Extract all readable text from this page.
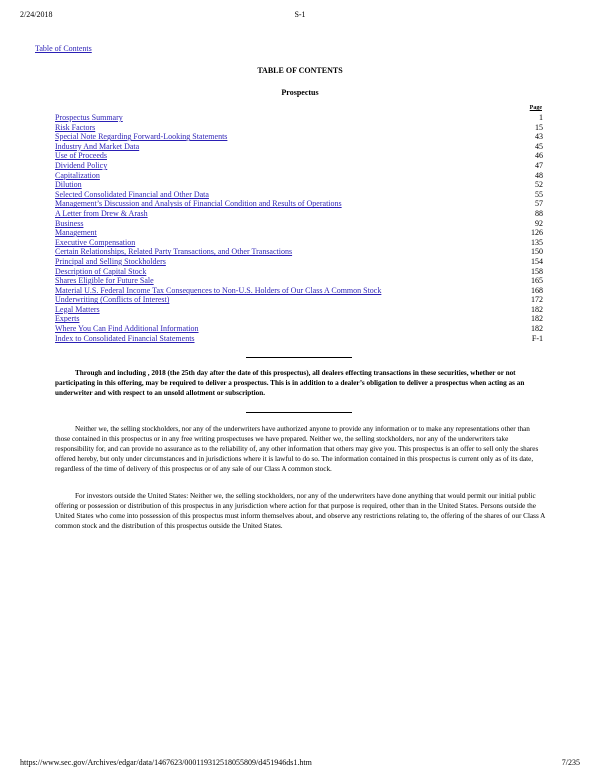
2/24/2018	S-1
Table of Contents
TABLE OF CONTENTS
Prospectus
Page
Prospectus Summary	1
Risk Factors	15
Special Note Regarding Forward-Looking Statements	43
Industry And Market Data	45
Use of Proceeds	46
Dividend Policy	47
Capitalization	48
Dilution	52
Selected Consolidated Financial and Other Data	55
Management’s Discussion and Analysis of Financial Condition and Results of Operations	57
A Letter from Drew & Arash	88
Business	92
Management	126
Executive Compensation	135
Certain Relationships, Related Party Transactions, and Other Transactions	150
Principal and Selling Stockholders	154
Description of Capital Stock	158
Shares Eligible for Future Sale	165
Material U.S. Federal Income Tax Consequences to Non-U.S. Holders of Our Class A Common Stock	168
Underwriting (Conflicts of Interest)	172
Legal Matters	182
Experts	182
Where You Can Find Additional Information	182
Index to Consolidated Financial Statements	F-1

Through and including , 2018 (the 25th day after the date of this prospectus), all dealers effecting transactions in these securities, whether or not participating in this offering, may be required to deliver a prospectus. This is in addition to a dealer’s obligation to deliver a prospectus when acting as an underwriter and with respect to an unsold allotment or subscription.

Neither we, the selling stockholders, nor any of the underwriters have authorized anyone to provide any information or to make any representations other than those contained in this prospectus or in any free writing prospectuses we have prepared. Neither we, the selling stockholders, nor any of the underwriters take responsibility for, and can provide no assurance as to the reliability of, any other information that others may give you. This prospectus is an offer to sell only the shares offered hereby, but only under circumstances and in jurisdictions where it is lawful to do so. The information contained in this prospectus is current only as of its date, regardless of the time of delivery of this prospectus or of any sale of our Class A common stock.

For investors outside the United States: Neither we, the selling stockholders, nor any of the underwriters have done anything that would permit our initial public offering or possession or distribution of this prospectus in any jurisdiction where action for that purpose is required, other than in the United States. Persons outside the United States who come into possession of this prospectus must inform themselves about, and observe any restrictions relating to, the offering of the shares of our Class A common stock and the distribution of this prospectus outside the United States.

https://www.sec.gov/Archives/edgar/data/1467623/000119312518055809/d451946ds1.htm	7/235
